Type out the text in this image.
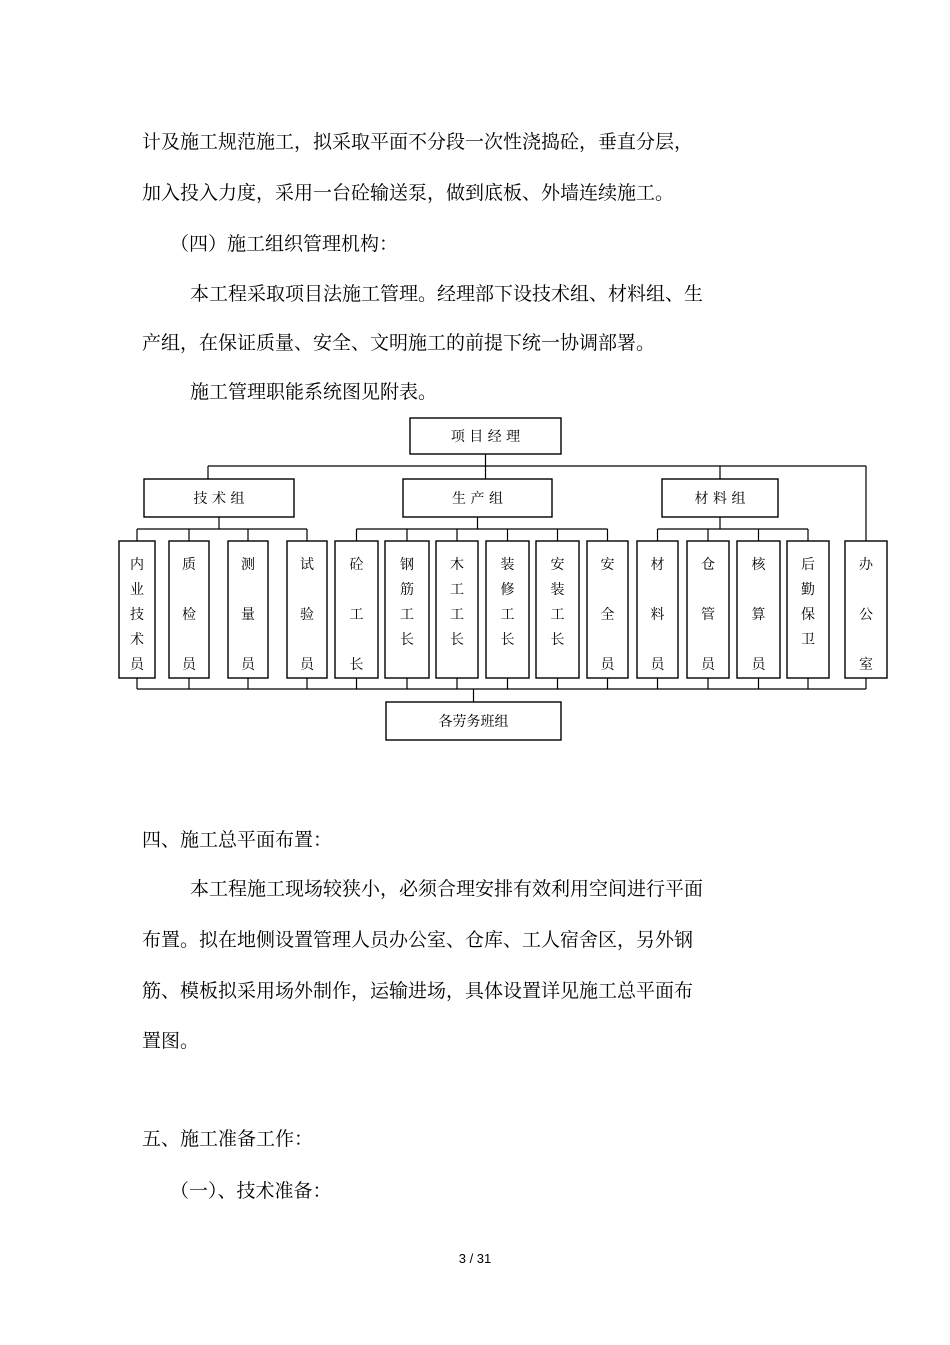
计及施工规范施工，拟采取平面不分段一次性浇捣砼，垂直分层，

加入投入力度，采用一台砼输送泵，做到底板、外墙连续施工。

（四）施工组织管理机构：

本工程采取项目法施工管理。经理部下设技术组、材料组、生

产组，在保证质量、安全、文明施工的前提下统一协调部署。

施工管理职能系统图见附表。

项 目 经 理
技 术 组	生 产 组	材 料 组
内
业
技
术
员
质
检
员
测
量
员
试
验
员
砼
工
长
钢
筋
工
长
木
工
工
长
装
修
工
长
安
装
工
长
安
全
员
材
料
员
仓
管
员
核
算
员
后
勤
保
卫
办
公
室
各劳务班组

四、施工总平面布置：

本工程施工现场较狭小，必须合理安排有效利用空间进行平面

布置。拟在地侧设置管理人员办公室、仓库、工人宿舍区，另外钢

筋、模板拟采用场外制作，运输进场，具体设置详见施工总平面布

置图。

五、施工准备工作：

（一）、技术准备：

3 / 31
